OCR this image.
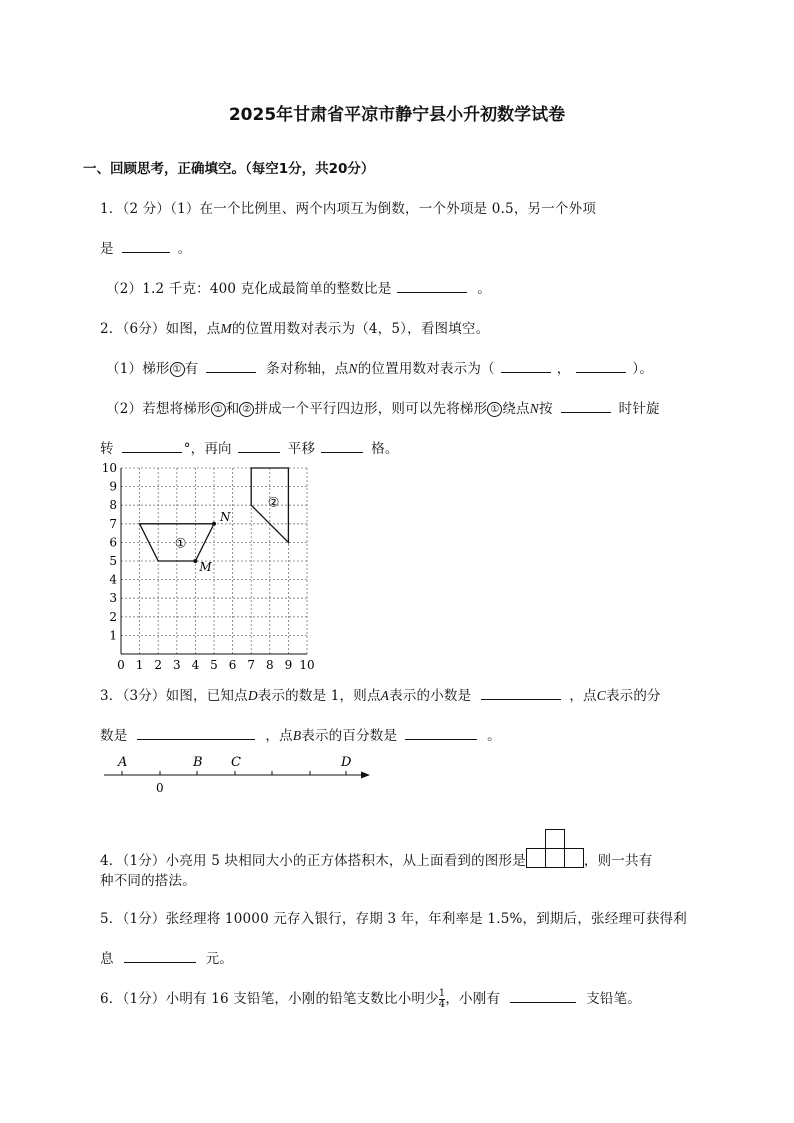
2025年甘肃省平凉市静宁县小升初数学试卷
一、回顾思考，正确填空。（每空1分，共20分）
1．（2 分）（1）在一个比例里、两个内项互为倒数，一个外项是 0.5，另一个外项
是	。
（2）1.2 千克：400 克化成最简单的整数比是	。
2．（6分）如图，点M的位置用数对表示为（4，5），看图填空。
（1）梯形 ① 有	条对称轴，点N的位置用数对表示为（	，	）。
（2）若想将梯形 ① 和 ② 拼成一个平行四边形，则可以先将梯形 ① 绕点N按	时针旋
转	°，再向	平移	格。
0 1 2 3 4 5 6 7 8 9 10
1
2
3
4
5
6
7
8
9
10
M
N
①
②
3．（3分）如图，已知点D表示的数是 1，则点A表示的小数是	，点C表示的分
数是	，点B表示的百分数是	。
A	B C	D
0
4．（1分）小亮用 5 块相同大小的正方体搭积木，从上面看到的图形是	，则一共有
种不同的搭法。
5．（1分）张经理将 10000 元存入银行，存期 3 年，年利率是 1.5%，到期后，张经理可获得利
息	元。
6．（1分）小明有 16 支铅笔，小刚的铅笔支数比小明少 $\frac{1}{4}$ ，小刚有	支铅笔。
